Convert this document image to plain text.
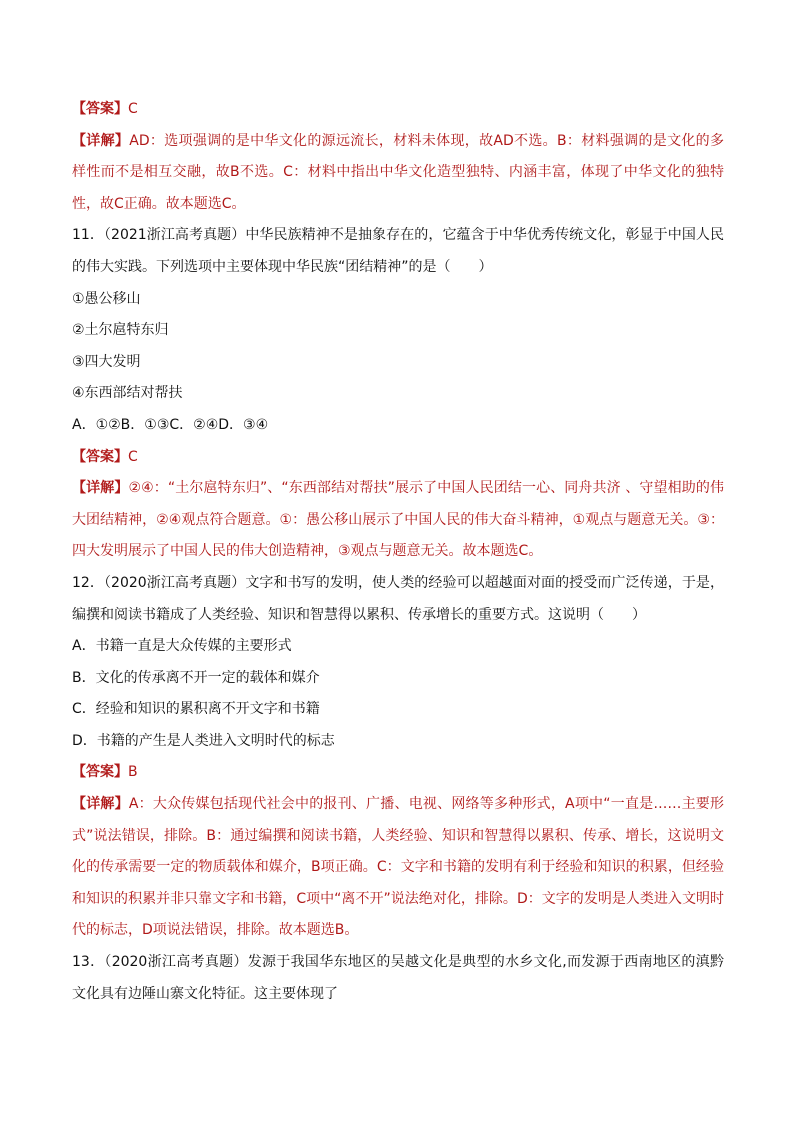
【答案】C

【详解】AD：选项强调的是中华文化的源远流长，材料未体现，故AD不选。B：材料强调的是文化的多样性而不是相互交融，故B不选。C：材料中指出中华文化造型独特、内涵丰富，体现了中华文化的独特性，故C正确。故本题选C。

11．（2021浙江高考真题）中华民族精神不是抽象存在的，它蕴含于中华优秀传统文化，彰显于中国人民的伟大实践。下列选项中主要体现中华民族“团结精神”的是（　　）

①愚公移山

②土尔扈特东归

③四大发明

④东西部结对帮扶

A．①②B．①③C．②④D．③④

【答案】C

【详解】②④：“土尔扈特东归”、“东西部结对帮扶”展示了中国人民团结一心、同舟共济 、守望相助的伟大团结精神，②④观点符合题意。①：愚公移山展示了中国人民的伟大奋斗精神，①观点与题意无关。③：四大发明展示了中国人民的伟大创造精神，③观点与题意无关。故本题选C。

12．（2020浙江高考真题）文字和书写的发明，使人类的经验可以超越面对面的授受而广泛传递，于是，编撰和阅读书籍成了人类经验、知识和智慧得以累积、传承增长的重要方式。这说明（　　）

A．书籍一直是大众传媒的主要形式

B．文化的传承离不开一定的载体和媒介

C．经验和知识的累积离不开文字和书籍

D．书籍的产生是人类进入文明时代的标志

【答案】B

【详解】A：大众传媒包括现代社会中的报刊、广播、电视、网络等多种形式，A项中“一直是……主要形式”说法错误，排除。B：通过编撰和阅读书籍，人类经验、知识和智慧得以累积、传承、增长，这说明文化的传承需要一定的物质载体和媒介，B项正确。C：文字和书籍的发明有利于经验和知识的积累，但经验和知识的积累并非只靠文字和书籍，C项中“离不开”说法绝对化，排除。D：文字的发明是人类进入文明时代的标志，D项说法错误，排除。故本题选B。

13．（2020浙江高考真题）发源于我国华东地区的吴越文化是典型的水乡文化,而发源于西南地区的滇黔文化具有边陲山寨文化特征。这主要体现了
